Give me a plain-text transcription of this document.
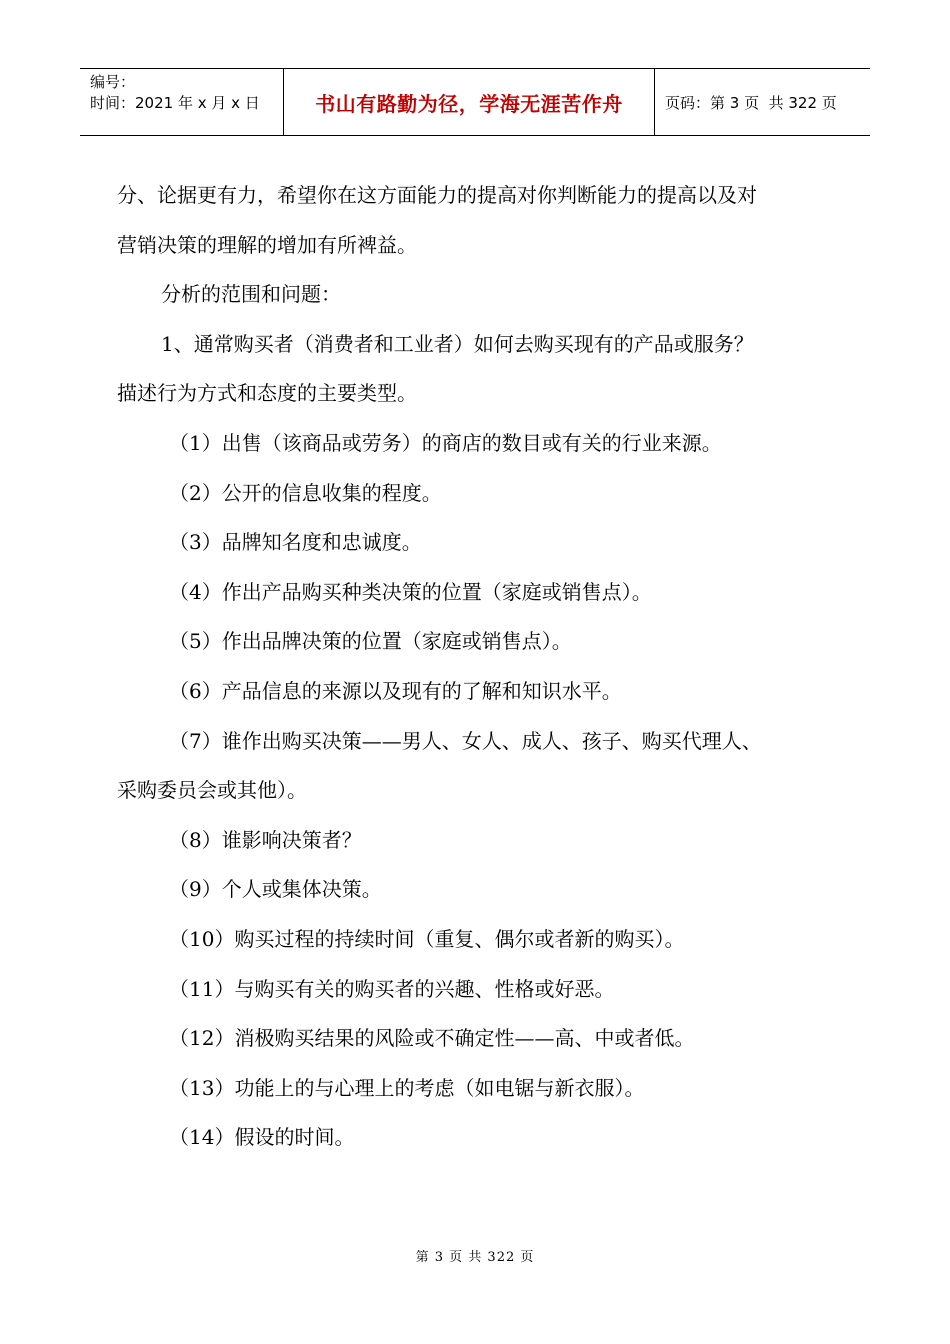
编号：
时间：2021 年 x 月 x 日	书山有路勤为径，学海无涯苦作舟	页码：第 3 页  共 322 页
分、论据更有力，希望你在这方面能力的提高对你判断能力的提高以及对
营销决策的理解的增加有所裨益。
分析的范围和问题：
1、通常购买者（消费者和工业者）如何去购买现有的产品或服务？
描述行为方式和态度的主要类型。
（1）出售（该商品或劳务）的商店的数目或有关的行业来源。
（2）公开的信息收集的程度。
（3）品牌知名度和忠诚度。
（4）作出产品购买种类决策的位置（家庭或销售点）。
（5）作出品牌决策的位置（家庭或销售点）。
（6）产品信息的来源以及现有的了解和知识水平。
（7）谁作出购买决策——男人、女人、成人、孩子、购买代理人、
采购委员会或其他）。
（8）谁影响决策者？
（9）个人或集体决策。
（10）购买过程的持续时间（重复、偶尔或者新的购买）。
（11）与购买有关的购买者的兴趣、性格或好恶。
（12）消极购买结果的风险或不确定性——高、中或者低。
（13）功能上的与心理上的考虑（如电锯与新衣服）。
（14）假设的时间。
第 3 页 共 322 页
